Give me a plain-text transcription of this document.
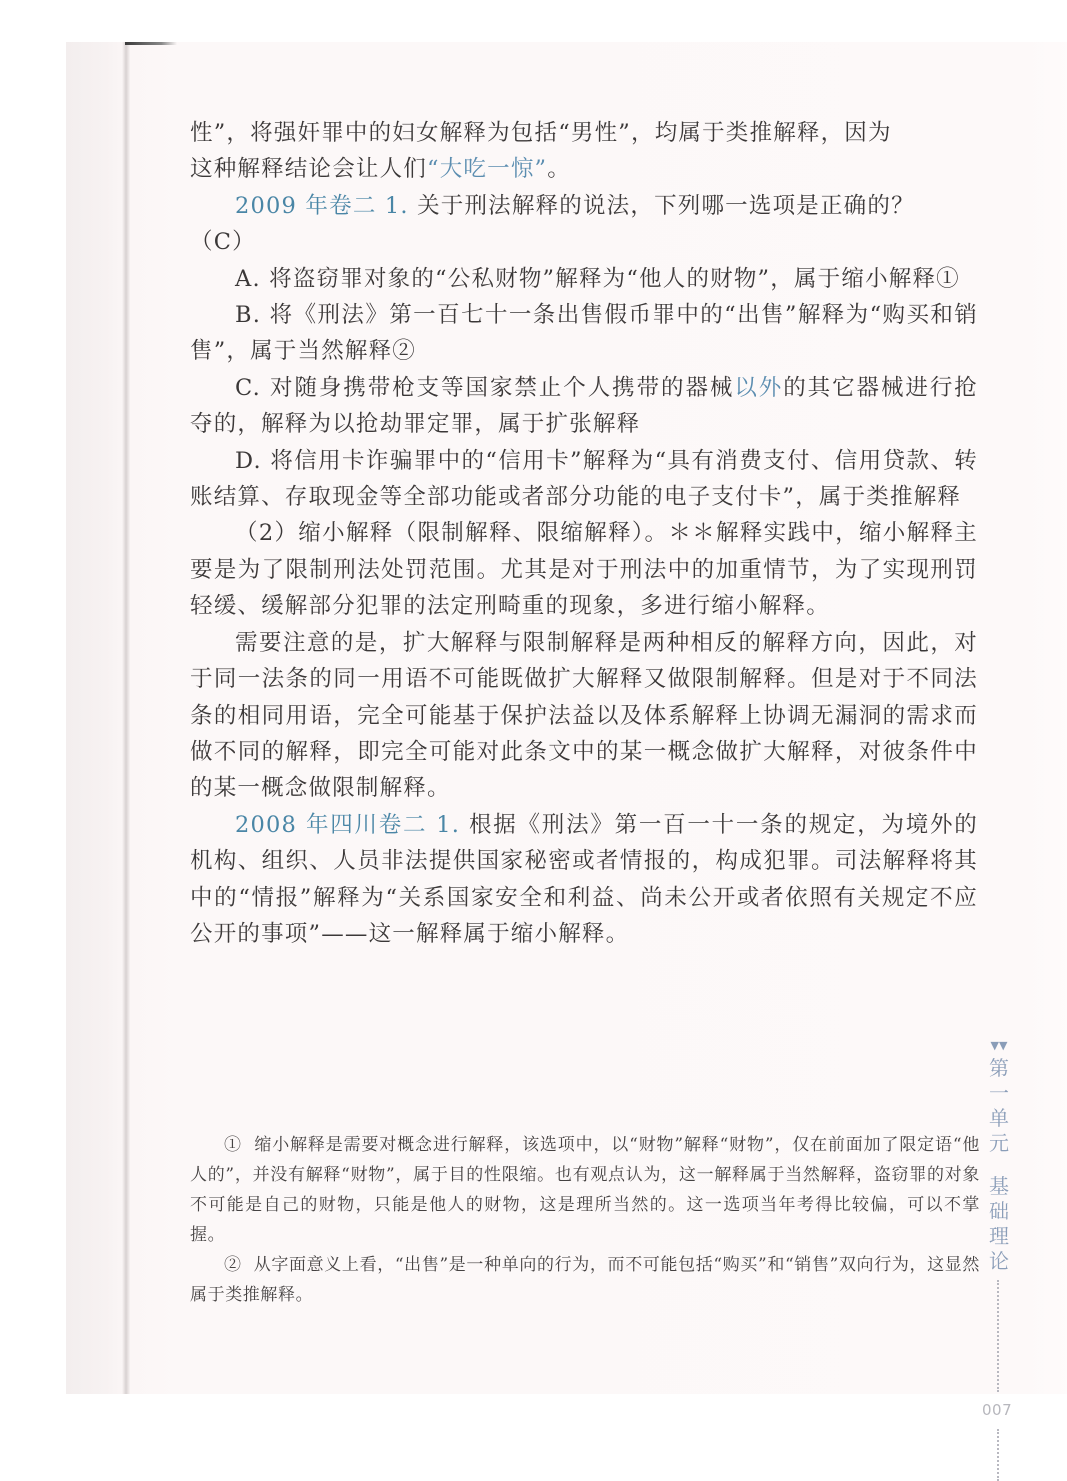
性”，将强奸罪中的妇女解释为包括“男性”，均属于类推解释，因为
这种解释结论会让人们“大吃一惊”。

2009 年卷二 1. 关于刑法解释的说法，下列哪一选项是正确的？

（C）

A. 将盗窃罪对象的“公私财物”解释为“他人的财物”，属于缩小解释①

B. 将《刑法》第一百七十一条出售假币罪中的“出售”解释为“购买和销售”，属于当然解释②

C. 对随身携带枪支等国家禁止个人携带的器械以外的其它器械进行抢夺的，解释为以抢劫罪定罪，属于扩张解释

D. 将信用卡诈骗罪中的“信用卡”解释为“具有消费支付、信用贷款、转账结算、存取现金等全部功能或者部分功能的电子支付卡”，属于类推解释

（2）缩小解释（限制解释、限缩解释）。＊＊解释实践中，缩小解释主要是为了限制刑法处罚范围。尤其是对于刑法中的加重情节，为了实现刑罚轻缓、缓解部分犯罪的法定刑畸重的现象，多进行缩小解释。

需要注意的是，扩大解释与限制解释是两种相反的解释方向，因此，对于同一法条的同一用语不可能既做扩大解释又做限制解释。但是对于不同法条的相同用语，完全可能基于保护法益以及体系解释上协调无漏洞的需求而做不同的解释，即完全可能对此条文中的某一概念做扩大解释，对彼条件中的某一概念做限制解释。

2008 年四川卷二 1. 根据《刑法》第一百一十一条的规定，为境外的机构、组织、人员非法提供国家秘密或者情报的，构成犯罪。司法解释将其中的“情报”解释为“关系国家安全和利益、尚未公开或者依照有关规定不应公开的事项”——这一解释属于缩小解释。

① 缩小解释是需要对概念进行解释，该选项中，以“财物”解释“财物”，仅在前面加了限定语“他人的”，并没有解释“财物”，属于目的性限缩。也有观点认为，这一解释属于当然解释，盗窃罪的对象不可能是自己的财物，只能是他人的财物，这是理所当然的。这一选项当年考得比较偏，可以不掌握。

② 从字面意义上看，“出售”是一种单向的行为，而不可能包括“购买”和“销售”双向行为，这显然属于类推解释。

▼▼
第
一
单
元
基
础
理
论
007
